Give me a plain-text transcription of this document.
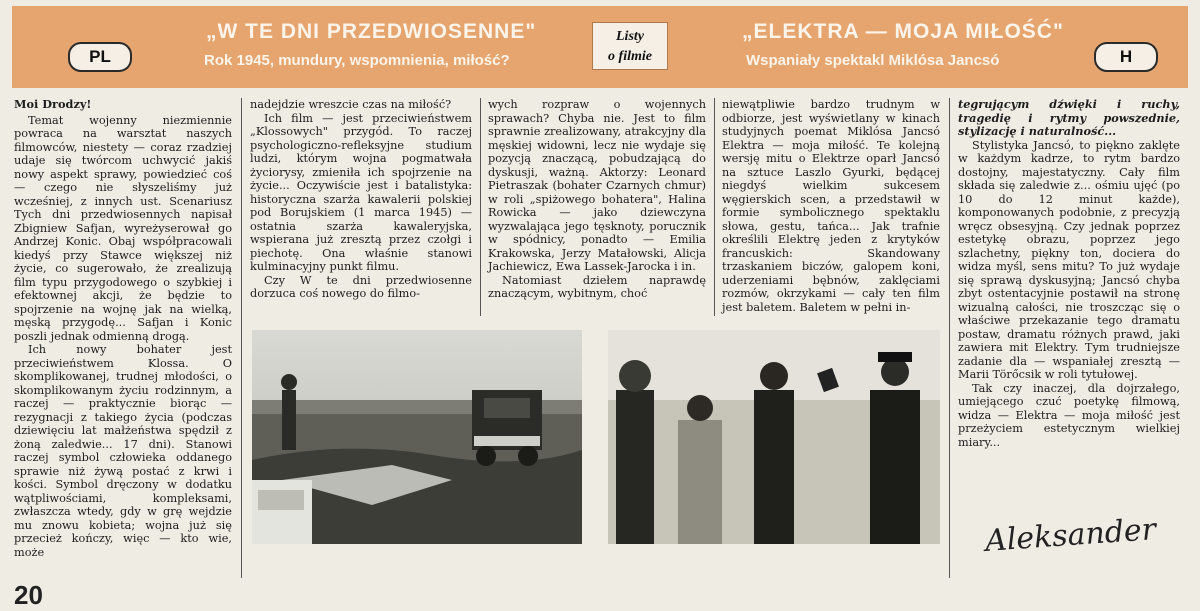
PL
„W TE DNI PRZEDWIOSENNE"
Rok 1945, mundury, wspomnienia, miłość?
Listy
o filmie
„ELEKTRA — MOJA MIŁOŚĆ"
Wspaniały spektakl Miklósa Jancsó	H

Moi Drodzy!

Temat wojenny niezmiennie powraca na warsztat naszych filmowców, niestety — coraz rzadziej udaje się twórcom uchwycić jakiś nowy aspekt sprawy, powiedzieć coś — czego nie słyszeliśmy już wcześniej, z innych ust. Scenariusz Tych dni przedwiosennych napisał Zbigniew Safjan, wyreżyserował go Andrzej Konic. Obaj współpracowali kiedyś przy Stawce większej niż życie, co sugerowało, że zrealizują film typu przygodowego o szybkiej i efektownej akcji, że będzie to spojrzenie na wojnę jak na wielką, męską przygodę... Safjan i Konic poszli jednak odmienną drogą.

Ich nowy bohater jest przeciwieństwem Klossa. O skomplikowanej, trudnej młodości, o skomplikowanym życiu rodzinnym, a raczej — praktycznie biorąc — rezygnacji z takiego życia (podczas dziewięciu lat małżeństwa spędził z żoną zaledwie... 17 dni). Stanowi raczej symbol człowieka oddanego sprawie niż żywą postać z krwi i kości. Symbol dręczony w dodatku wątpliwościami, kompleksami, zwłaszcza wtedy, gdy w grę wejdzie mu znowu kobieta; wojna już się przecież kończy, więc — kto wie, może

nadejdzie wreszcie czas na miłość?

Ich film — jest przeciwieństwem „Klossowych" przygód. To raczej psychologiczno-refleksyjne studium ludzi, którym wojna pogmatwała życiorysy, zmieniła ich spojrzenie na życie... Oczywiście jest i batalistyka: historyczna szarża kawalerii polskiej pod Borujskiem (1 marca 1945) — ostatnia szarża kawaleryjska, wspierana już zresztą przez czołgi i piechotę. Ona właśnie stanowi kulminacyjny punkt filmu.

Czy W te dni przedwiosenne dorzuca coś nowego do filmo-

wych rozpraw o wojennych sprawach? Chyba nie. Jest to film sprawnie zrealizowany, atrakcyjny dla męskiej widowni, lecz nie wydaje się pozycją znaczącą, pobudzającą do dyskusji, ważną. Aktorzy: Leonard Pietraszak (bohater Czarnych chmur) w roli „spiżowego bohatera", Halina Rowicka — jako dziewczyna wyzwalająca jego tęsknoty, porucznik w spódnicy, ponadto — Emilia Krakowska, Jerzy Matałowski, Alicja Jachiewicz, Ewa Lassek-Jarocka i in.

Natomiast dziełem naprawdę znaczącym, wybitnym, choć

niewątpliwie bardzo trudnym w odbiorze, jest wyświetlany w kinach studyjnych poemat Miklósa Jancsó Elektra — moja miłość. Te kolejną wersję mitu o Elektrze oparł Jancsó na sztuce Laszlo Gyurki, będącej niegdyś wielkim sukcesem węgierskich scen, a przedstawił w formie symbolicznego spektaklu słowa, gestu, tańca... Jak trafnie określili Elektrę jeden z krytyków francuskich: Skandowany trzaskaniem biczów, galopem koni, uderzeniami bębnów, zaklęciami rozmów, okrzykami — cały ten film jest baletem. Baletem w pełni in-

tegrującym dźwięki i ruchy, tragedię i rytmy powszednie, stylizację i naturalność...

Stylistyka Jancsó, to piękno zaklęte w każdym kadrze, to rytm bardzo dostojny, majestatyczny. Cały film składa się zaledwie z... ośmiu ujęć (po 10 do 12 minut każde), komponowanych podobnie, z precyzją wręcz obsesyjną. Czy jednak poprzez estetykę obrazu, poprzez jego szlachetny, piękny ton, dociera do widza myśl, sens mitu? To już wydaje się sprawą dyskusyjną; Jancsó chyba zbyt ostentacyjnie postawił na stronę wizualną całości, nie troszcząc się o właściwe przekazanie tego dramatu postaw, dramatu różnych prawd, jaki zawiera mit Elektry. Tym trudniejsze zadanie dla — wspaniałej zresztą — Marii Törőcsik w roli tytułowej.

Tak czy inaczej, dla dojrzałego, umiejącego czuć poetykę filmową, widza — Elektra — moja miłość jest przeżyciem estetycznym wielkiej miary...

Aleksander
20
